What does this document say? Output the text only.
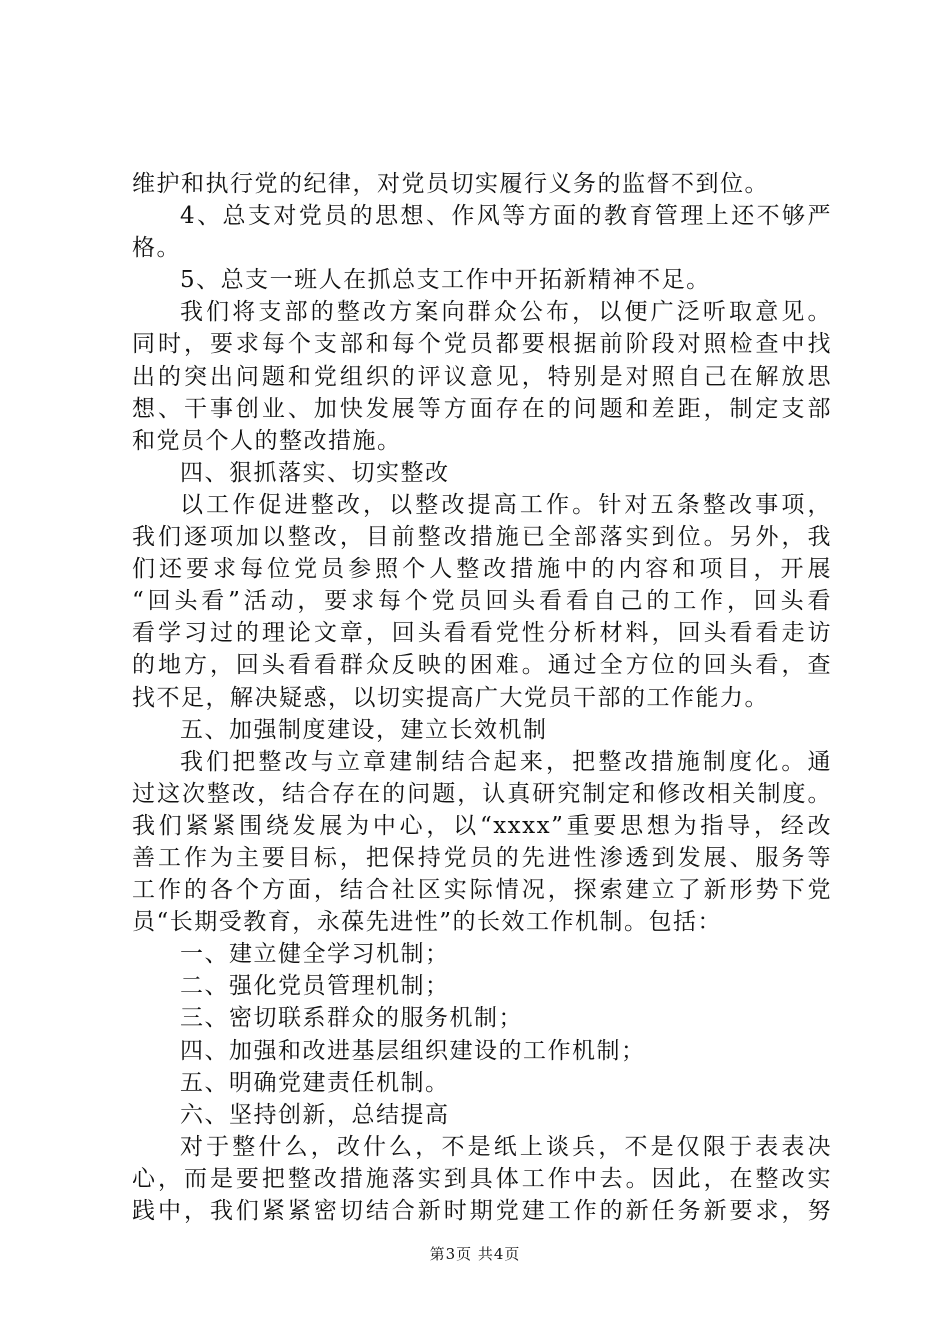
维护和执行党的纪律，对党员切实履行义务的监督不到位。
4、总支对党员的思想、作风等方面的教育管理上还不够严
格。
5、总支一班人在抓总支工作中开拓新精神不足。
我们将支部的整改方案向群众公布，以便广泛听取意见。
同时，要求每个支部和每个党员都要根据前阶段对照检查中找
出的突出问题和党组织的评议意见，特别是对照自己在解放思
想、干事创业、加快发展等方面存在的问题和差距，制定支部
和党员个人的整改措施。
四、狠抓落实、切实整改
以工作促进整改，以整改提高工作。针对五条整改事项，
我们逐项加以整改，目前整改措施已全部落实到位。另外，我
们还要求每位党员参照个人整改措施中的内容和项目，开展
“回头看”活动，要求每个党员回头看看自己的工作，回头看
看学习过的理论文章，回头看看党性分析材料，回头看看走访
的地方，回头看看群众反映的困难。通过全方位的回头看，查
找不足，解决疑惑，以切实提高广大党员干部的工作能力。
五、加强制度建设，建立长效机制
我们把整改与立章建制结合起来，把整改措施制度化。通
过这次整改，结合存在的问题，认真研究制定和修改相关制度。
我们紧紧围绕发展为中心，以“xxxx”重要思想为指导，经改
善工作为主要目标，把保持党员的先进性渗透到发展、服务等
工作的各个方面，结合社区实际情况，探索建立了新形势下党
员“长期受教育，永葆先进性”的长效工作机制。包括：
一、建立健全学习机制；
二、强化党员管理机制；
三、密切联系群众的服务机制；
四、加强和改进基层组织建设的工作机制；
五、明确党建责任机制。
六、坚持创新，总结提高
对于整什么，改什么，不是纸上谈兵，不是仅限于表表决
心，而是要把整改措施落实到具体工作中去。因此，在整改实
践中，我们紧紧密切结合新时期党建工作的新任务新要求，努
第3页 共4页
